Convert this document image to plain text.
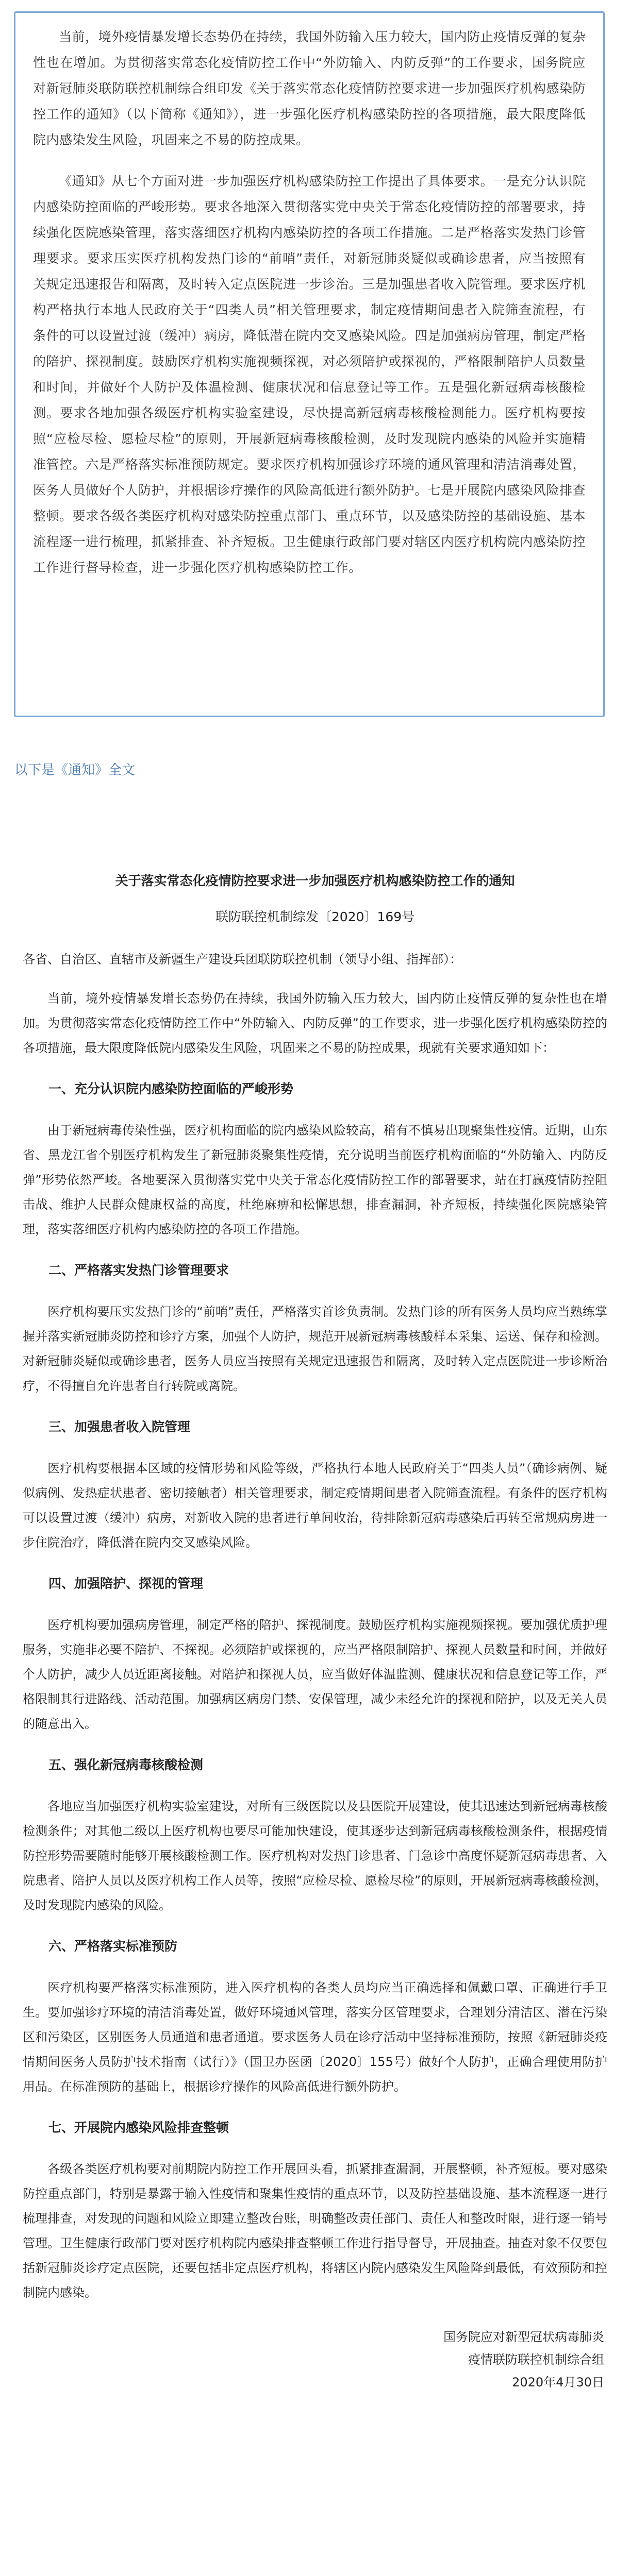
当前，境外疫情暴发增长态势仍在持续，我国外防输入压力较大，国内防止疫情反弹的复杂性也在增加。为贯彻落实常态化疫情防控工作中“外防输入、内防反弹”的工作要求，国务院应对新冠肺炎联防联控机制综合组印发《关于落实常态化疫情防控要求进一步加强医疗机构感染防控工作的通知》（以下简称《通知》），进一步强化医疗机构感染防控的各项措施，最大限度降低院内感染发生风险，巩固来之不易的防控成果。

《通知》从七个方面对进一步加强医疗机构感染防控工作提出了具体要求。一是充分认识院内感染防控面临的严峻形势。要求各地深入贯彻落实党中央关于常态化疫情防控的部署要求，持续强化医院感染管理，落实落细医疗机构内感染防控的各项工作措施。二是严格落实发热门诊管理要求。要求压实医疗机构发热门诊的“前哨”责任，对新冠肺炎疑似或确诊患者，应当按照有关规定迅速报告和隔离，及时转入定点医院进一步诊治。三是加强患者收入院管理。要求医疗机构严格执行本地人民政府关于“四类人员”相关管理要求，制定疫情期间患者入院筛查流程，有条件的可以设置过渡（缓冲）病房，降低潜在院内交叉感染风险。四是加强病房管理，制定严格的陪护、探视制度。鼓励医疗机构实施视频探视，对必须陪护或探视的，严格限制陪护人员数量和时间，并做好个人防护及体温检测、健康状况和信息登记等工作。五是强化新冠病毒核酸检测。要求各地加强各级医疗机构实验室建设，尽快提高新冠病毒核酸检测能力。医疗机构要按照“应检尽检、愿检尽检”的原则，开展新冠病毒核酸检测，及时发现院内感染的风险并实施精准管控。六是严格落实标准预防规定。要求医疗机构加强诊疗环境的通风管理和清洁消毒处置，医务人员做好个人防护，并根据诊疗操作的风险高低进行额外防护。七是开展院内感染风险排查整顿。要求各级各类医疗机构对感染防控重点部门、重点环节，以及感染防控的基础设施、基本流程逐一进行梳理，抓紧排查、补齐短板。卫生健康行政部门要对辖区内医疗机构院内感染防控工作进行督导检查，进一步强化医疗机构感染防控工作。

以下是《通知》全文
关于落实常态化疫情防控要求进一步加强医疗机构感染防控工作的通知
联防联控机制综发〔2020〕169号
各省、自治区、直辖市及新疆生产建设兵团联防联控机制（领导小组、指挥部）：

当前，境外疫情暴发增长态势仍在持续，我国外防输入压力较大，国内防止疫情反弹的复杂性也在增加。为贯彻落实常态化疫情防控工作中“外防输入、内防反弹”的工作要求，进一步强化医疗机构感染防控的各项措施，最大限度降低院内感染发生风险，巩固来之不易的防控成果，现就有关要求通知如下：

一、充分认识院内感染防控面临的严峻形势

由于新冠病毒传染性强，医疗机构面临的院内感染风险较高，稍有不慎易出现聚集性疫情。近期，山东省、黑龙江省个别医疗机构发生了新冠肺炎聚集性疫情，充分说明当前医疗机构面临的“外防输入、内防反弹”形势依然严峻。各地要深入贯彻落实党中央关于常态化疫情防控工作的部署要求，站在打赢疫情防控阻击战、维护人民群众健康权益的高度，杜绝麻痹和松懈思想，排查漏洞，补齐短板，持续强化医院感染管理，落实落细医疗机构内感染防控的各项工作措施。

二、严格落实发热门诊管理要求

医疗机构要压实发热门诊的“前哨”责任，严格落实首诊负责制。发热门诊的所有医务人员均应当熟练掌握并落实新冠肺炎防控和诊疗方案，加强个人防护，规范开展新冠病毒核酸样本采集、运送、保存和检测。对新冠肺炎疑似或确诊患者，医务人员应当按照有关规定迅速报告和隔离，及时转入定点医院进一步诊断治疗，不得擅自允许患者自行转院或离院。

三、加强患者收入院管理

医疗机构要根据本区域的疫情形势和风险等级，严格执行本地人民政府关于“四类人员”（确诊病例、疑似病例、发热症状患者、密切接触者）相关管理要求，制定疫情期间患者入院筛查流程。有条件的医疗机构可以设置过渡（缓冲）病房，对新收入院的患者进行单间收治，待排除新冠病毒感染后再转至常规病房进一步住院治疗，降低潜在院内交叉感染风险。

四、加强陪护、探视的管理

医疗机构要加强病房管理，制定严格的陪护、探视制度。鼓励医疗机构实施视频探视。要加强优质护理服务，实施非必要不陪护、不探视。必须陪护或探视的，应当严格限制陪护、探视人员数量和时间，并做好个人防护，减少人员近距离接触。对陪护和探视人员，应当做好体温监测、健康状况和信息登记等工作，严格限制其行进路线、活动范围。加强病区病房门禁、安保管理，减少未经允许的探视和陪护，以及无关人员的随意出入。

五、强化新冠病毒核酸检测

各地应当加强医疗机构实验室建设，对所有三级医院以及县医院开展建设，使其迅速达到新冠病毒核酸检测条件；对其他二级以上医疗机构也要尽可能加快建设，使其逐步达到新冠病毒核酸检测条件，根据疫情防控形势需要随时能够开展核酸检测工作。医疗机构对发热门诊患者、门急诊中高度怀疑新冠病毒患者、入院患者、陪护人员以及医疗机构工作人员等，按照“应检尽检、愿检尽检”的原则，开展新冠病毒核酸检测，及时发现院内感染的风险。

六、严格落实标准预防

医疗机构要严格落实标准预防，进入医疗机构的各类人员均应当正确选择和佩戴口罩、正确进行手卫生。要加强诊疗环境的清洁消毒处置，做好环境通风管理，落实分区管理要求，合理划分清洁区、潜在污染区和污染区，区别医务人员通道和患者通道。要求医务人员在诊疗活动中坚持标准预防，按照《新冠肺炎疫情期间医务人员防护技术指南（试行）》（国卫办医函〔2020〕155号）做好个人防护，正确合理使用防护用品。在标准预防的基础上，根据诊疗操作的风险高低进行额外防护。

七、开展院内感染风险排查整顿

各级各类医疗机构要对前期院内防控工作开展回头看，抓紧排查漏洞，开展整顿，补齐短板。要对感染防控重点部门，特别是暴露于输入性疫情和聚集性疫情的重点环节，以及防控基础设施、基本流程逐一进行梳理排查，对发现的问题和风险立即建立整改台账，明确整改责任部门、责任人和整改时限，进行逐一销号管理。卫生健康行政部门要对医疗机构院内感染排查整顿工作进行指导督导，开展抽查。抽查对象不仅要包括新冠肺炎诊疗定点医院，还要包括非定点医疗机构，将辖区内院内感染发生风险降到最低，有效预防和控制院内感染。

国务院应对新型冠状病毒肺炎
疫情联防联控机制综合组
2020年4月30日
